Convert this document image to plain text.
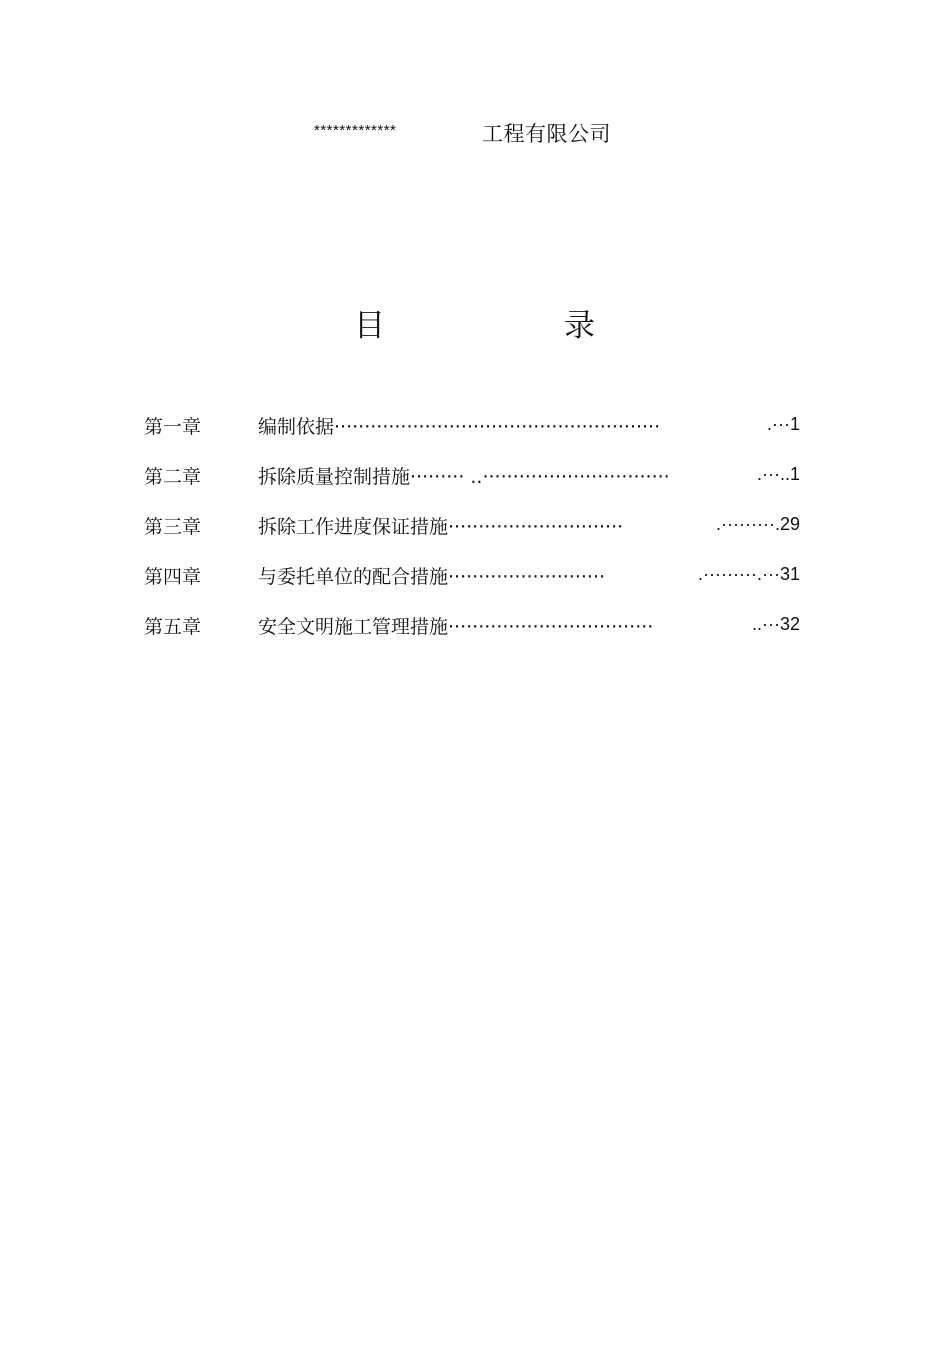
*************	工程有限公司
目	录
第一章	编制依据······················································	.···1
第二章	拆除质量控制措施········· ..·······························	.···..1
第三章	拆除工作进度保证措施·····························	.·········.29
第四章	与委托单位的配合措施··························	.·········.···31
第五章	安全文明施工管理措施··································	..···32
